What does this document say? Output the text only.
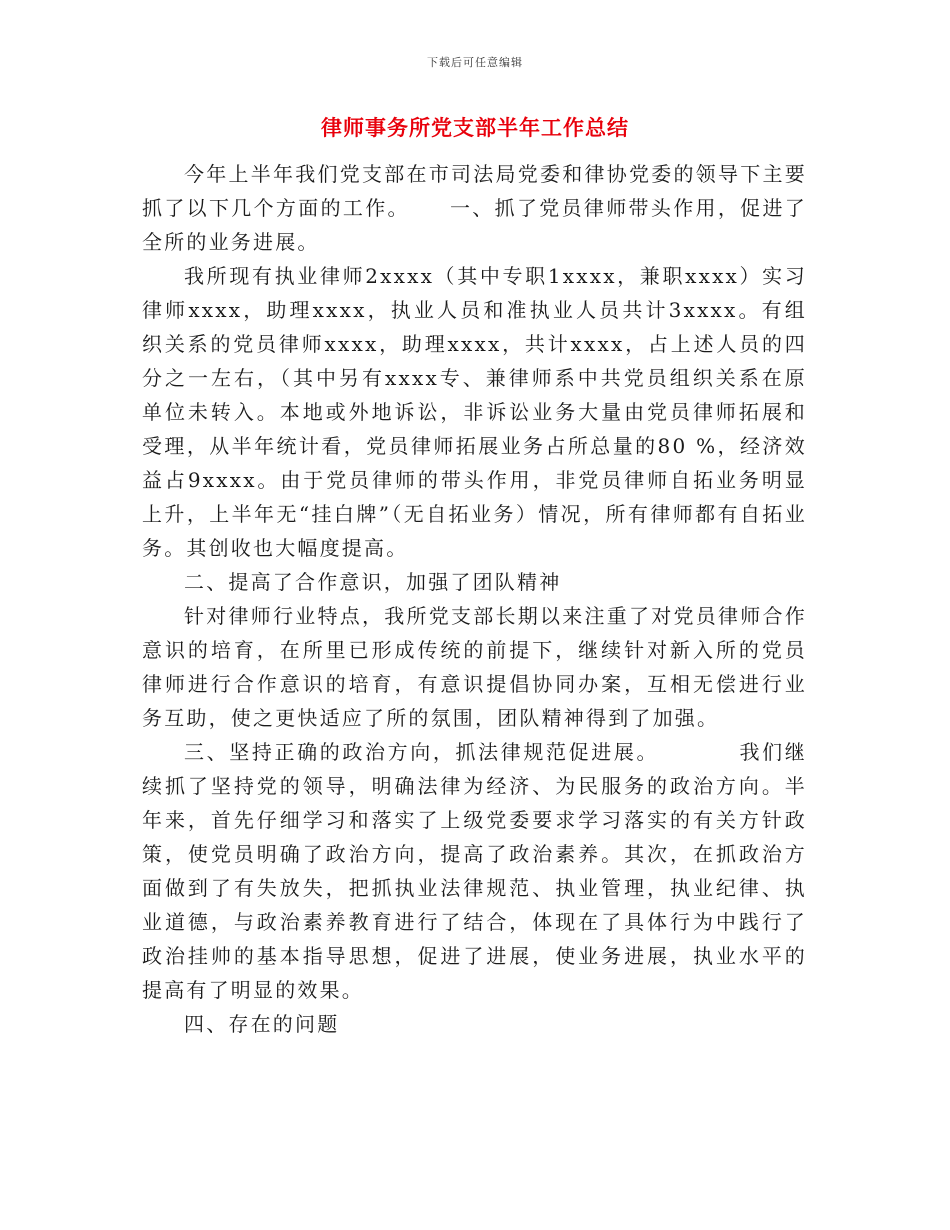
下载后可任意编辑
律师事务所党支部半年工作总结

今年上半年我们党支部在市司法局党委和律协党委的领导下主要抓了以下几个方面的工作。 一、抓了党员律师带头作用，促进了全所的业务进展。

我所现有执业律师2xxxx（其中专职1xxxx，兼职xxxx）实习律师xxxx，助理xxxx，执业人员和准执业人员共计3xxxx。有组织关系的党员律师xxxx，助理xxxx，共计xxxx，占上述人员的四分之一左右，（其中另有xxxx专、兼律师系中共党员组织关系在原单位未转入。本地或外地诉讼，非诉讼业务大量由党员律师拓展和受理，从半年统计看，党员律师拓展业务占所总量的80 %，经济效益占9xxxx。由于党员律师的带头作用，非党员律师自拓业务明显上升，上半年无“挂白牌”（无自拓业务）情况，所有律师都有自拓业务。其创收也大幅度提高。

二、提高了合作意识，加强了团队精神

针对律师行业特点，我所党支部长期以来注重了对党员律师合作意识的培育，在所里已形成传统的前提下，继续针对新入所的党员律师进行合作意识的培育，有意识提倡协同办案，互相无偿进行业务互助，使之更快适应了所的氛围，团队精神得到了加强。

三、坚持正确的政治方向，抓法律规范促进展。	我们继续抓了坚持党的领导，明确法律为经济、为民服务的政治方向。半年来，首先仔细学习和落实了上级党委要求学习落实的有关方针政策，使党员明确了政治方向，提高了政治素养。其次，在抓政治方面做到了有失放失，把抓执业法律规范、执业管理，执业纪律、执业道德，与政治素养教育进行了结合，体现在了具体行为中践行了政治挂帅的基本指导思想，促进了进展，使业务进展，执业水平的提高有了明显的效果。

四、存在的问题
